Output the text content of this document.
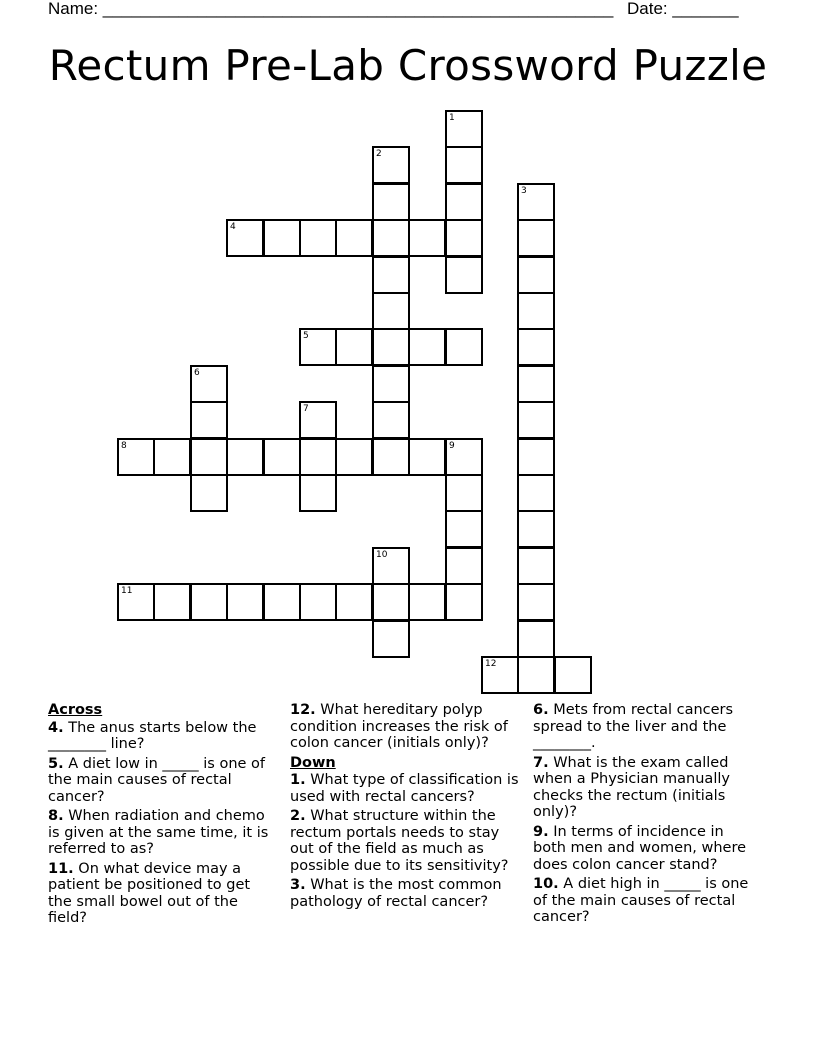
Name: ______________________________________________________ Date: _______
Rectum Pre-Lab Crossword Puzzle
1
2
3
4
5
6
7
8	9
10
11
12
Across
4. The anus starts below the ________ line?
5. A diet low in _____ is one of the main causes of rectal cancer?
8. When radiation and chemo is given at the same time, it is referred to as?
11. On what device may a patient be positioned to get the small bowel out of the field?
12. What hereditary polyp condition increases the risk of colon cancer (initials only)?
Down
1. What type of classification is used with rectal cancers?
2. What structure within the rectum portals needs to stay out of the field as much as possible due to its sensitivity?
3. What is the most common pathology of rectal cancer?
6. Mets from rectal cancers spread to the liver and the ________.
7. What is the exam called when a Physician manually checks the rectum (initials only)?
9. In terms of incidence in both men and women, where does colon cancer stand?
10. A diet high in _____ is one of the main causes of rectal cancer?
